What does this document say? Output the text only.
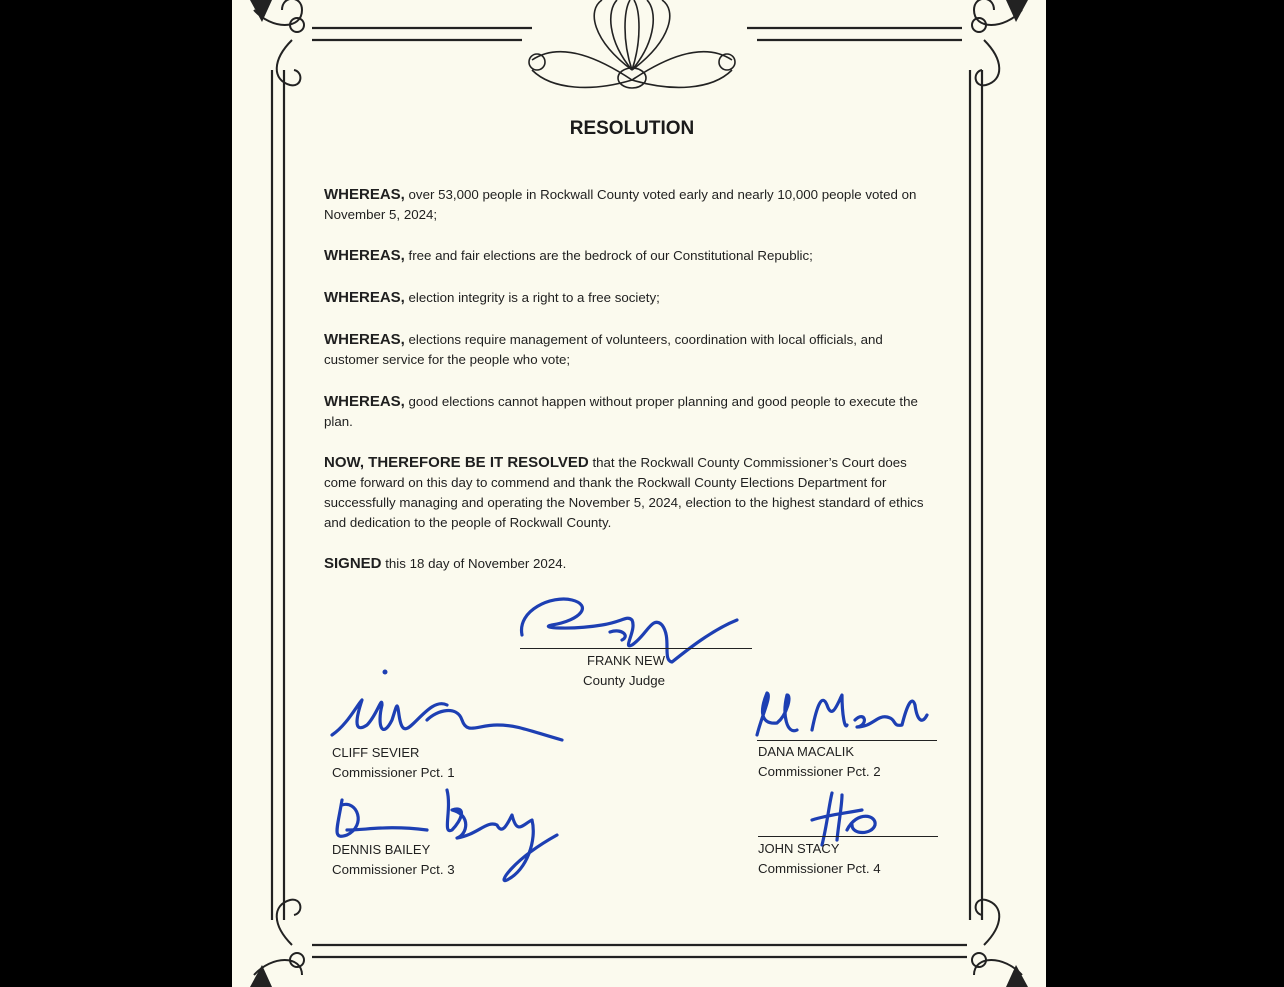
RESOLUTION
WHEREAS, over 53,000 people in Rockwall County voted early and nearly 10,000 people voted on November 5, 2024;
WHEREAS, free and fair elections are the bedrock of our Constitutional Republic;
WHEREAS, election integrity is a right to a free society;
WHEREAS, elections require management of volunteers, coordination with local officials, and customer service for the people who vote;
WHEREAS, good elections cannot happen without proper planning and good people to execute the plan.
NOW, THEREFORE BE IT RESOLVED that the Rockwall County Commissioner’s Court does come forward on this day to commend and thank the Rockwall County Elections Department for successfully managing and operating the November 5, 2024, election to the highest standard of ethics and dedication to the people of Rockwall County.
SIGNED this 18 day of November 2024.
FRANK NEW
County Judge
CLIFF SEVIER
Commissioner Pct. 1
DANA MACALIK
Commissioner Pct. 2
DENNIS BAILEY
Commissioner Pct. 3
JOHN STACY
Commissioner Pct. 4
